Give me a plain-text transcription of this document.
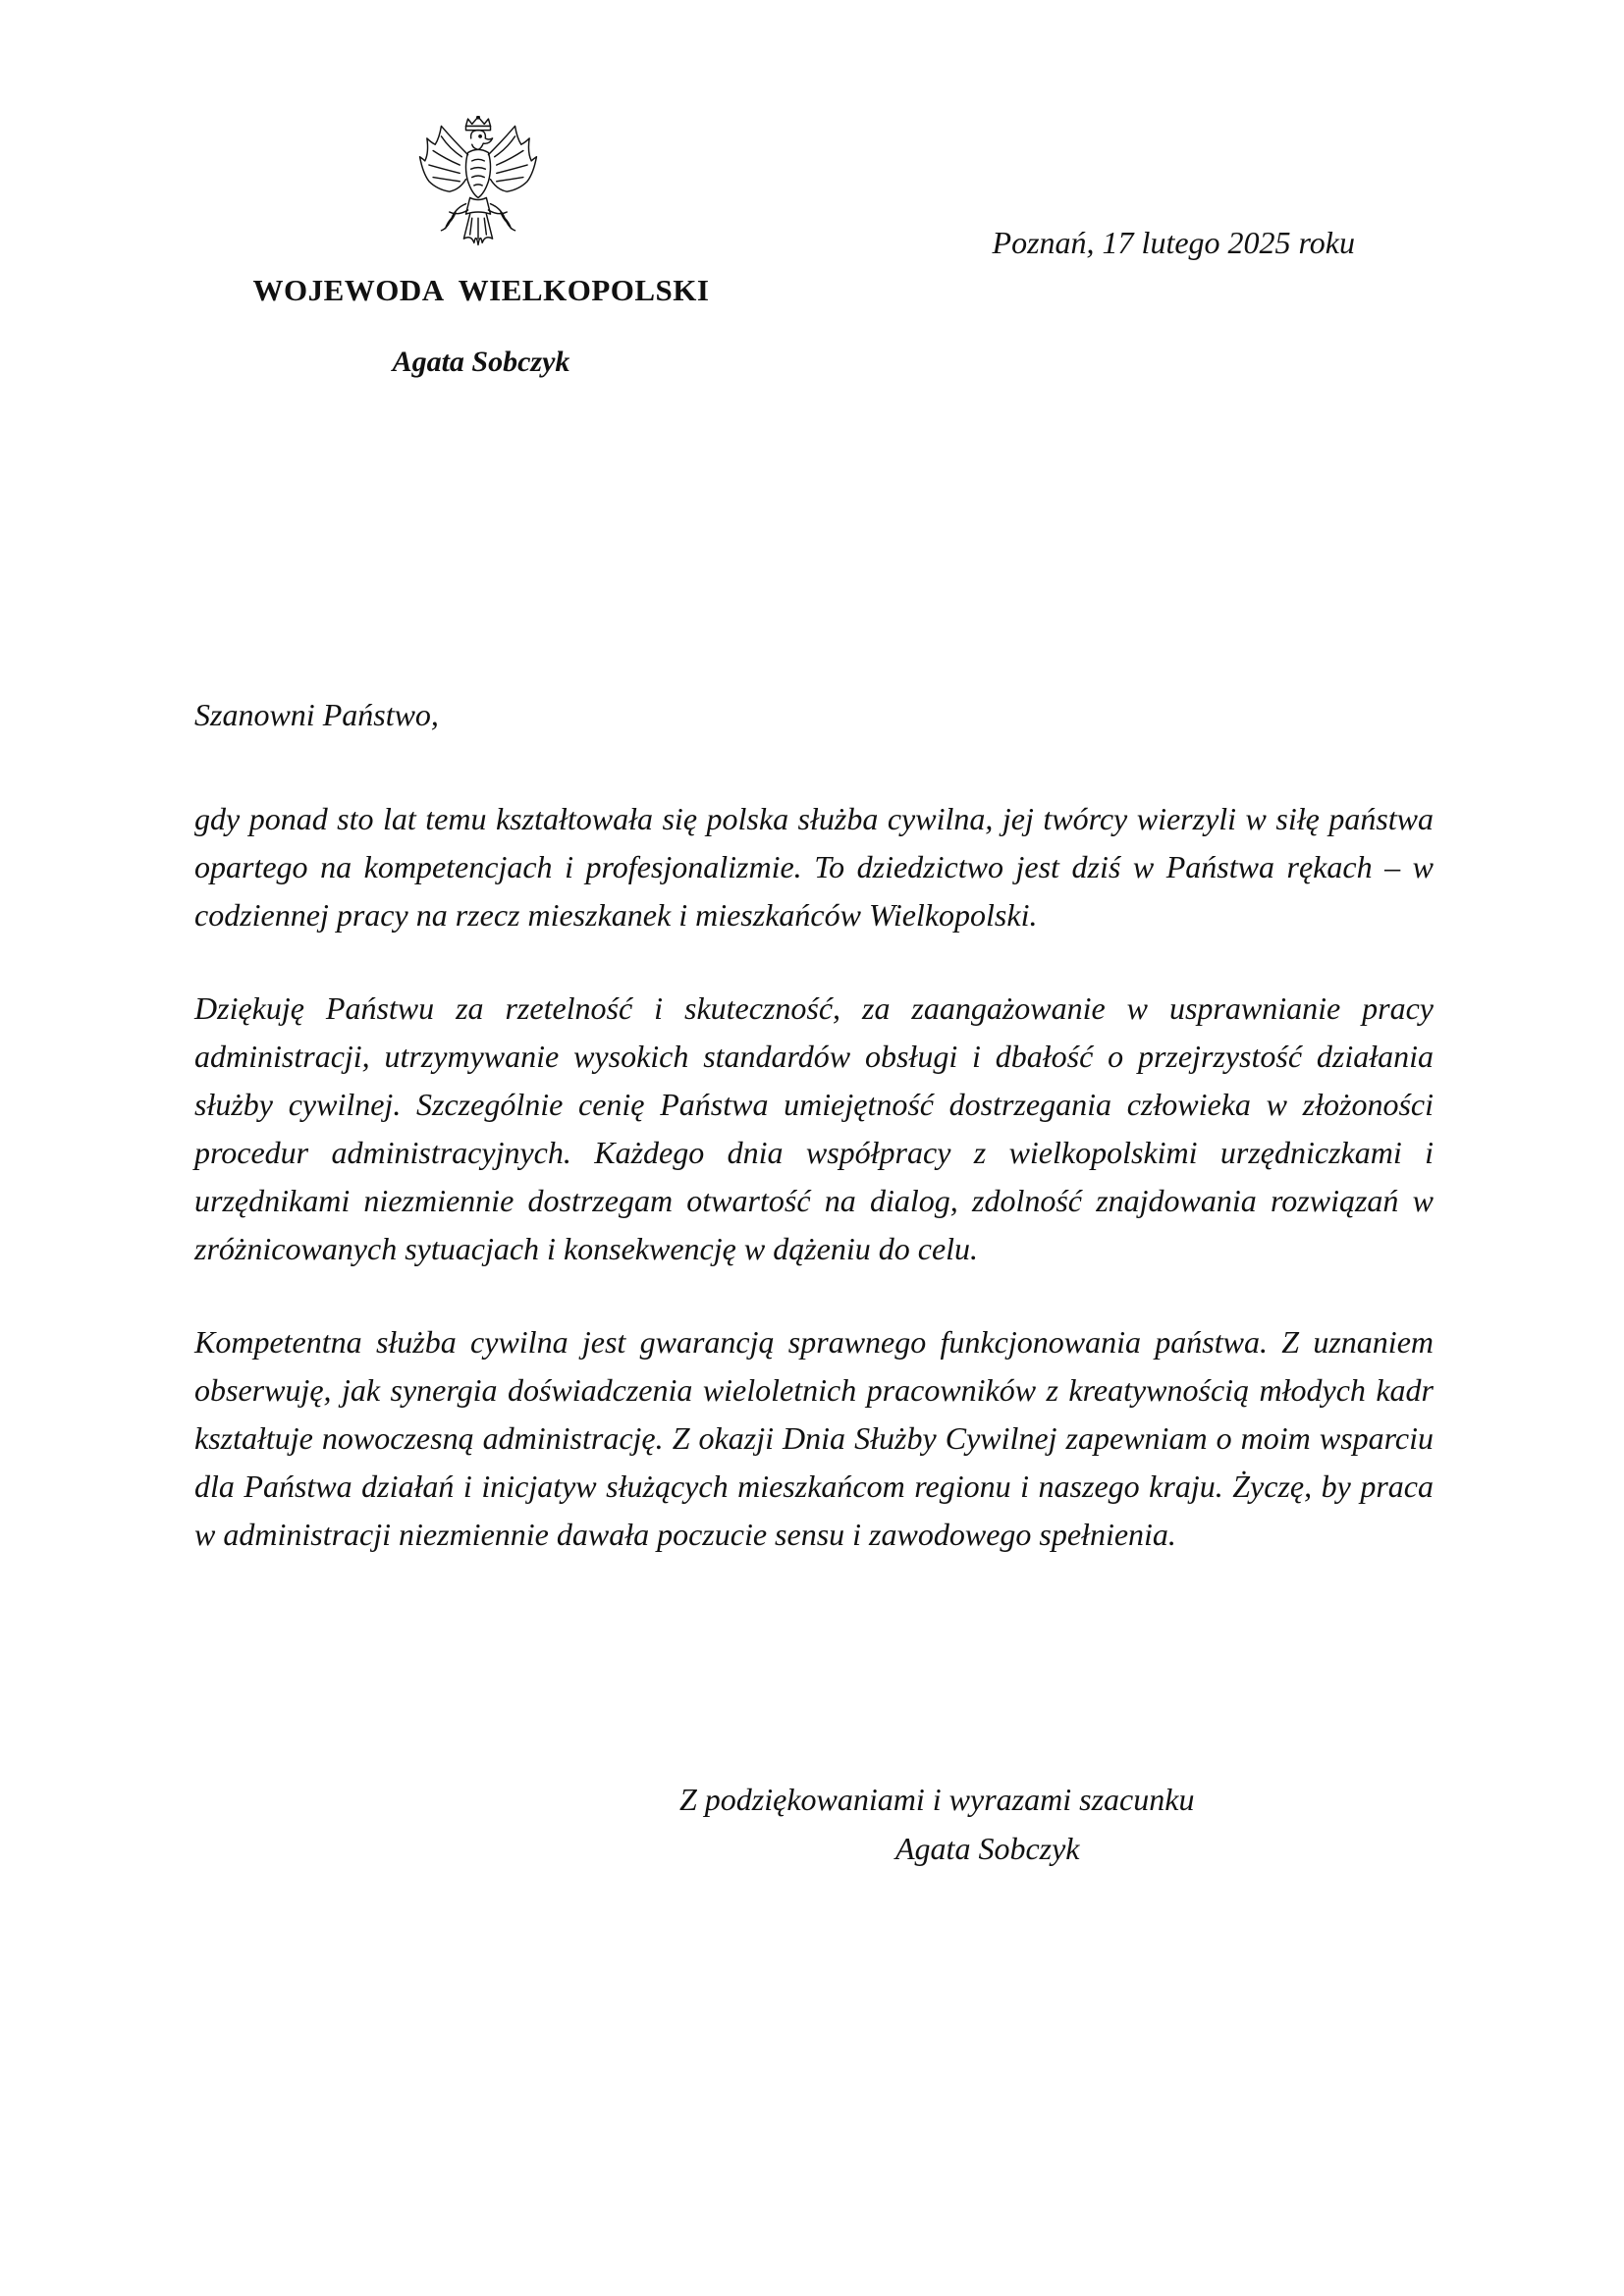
WOJEWODA WIELKOPOLSKI
Agata Sobczyk
Poznań, 17 lutego 2025 roku
Szanowni Państwo,

gdy ponad sto lat temu kształtowała się polska służba cywilna, jej twórcy wierzyli w siłę państwa opartego na kompetencjach i profesjonalizmie. To dziedzictwo jest dziś w Państwa rękach – w codziennej pracy na rzecz mieszkanek i mieszkańców Wielkopolski.

Dziękuję Państwu za rzetelność i skuteczność, za zaangażowanie w usprawnianie pracy administracji, utrzymywanie wysokich standardów obsługi i dbałość o przejrzystość działania służby cywilnej. Szczególnie cenię Państwa umiejętność dostrzegania człowieka w złożoności procedur administracyjnych. Każdego dnia współpracy z wielkopolskimi urzędniczkami i urzędnikami niezmiennie dostrzegam otwartość na dialog, zdolność znajdowania rozwiązań w zróżnicowanych sytuacjach i konsekwencję w dążeniu do celu.

Kompetentna służba cywilna jest gwarancją sprawnego funkcjonowania państwa. Z uznaniem obserwuję, jak synergia doświadczenia wieloletnich pracowników z kreatywnością młodych kadr kształtuje nowoczesną administrację. Z okazji Dnia Służby Cywilnej zapewniam o moim wsparciu dla Państwa działań i inicjatyw służących mieszkańcom regionu i naszego kraju. Życzę, by praca w administracji niezmiennie dawała poczucie sensu i zawodowego spełnienia.

Z podziękowaniami i wyrazami szacunku
Agata Sobczyk
